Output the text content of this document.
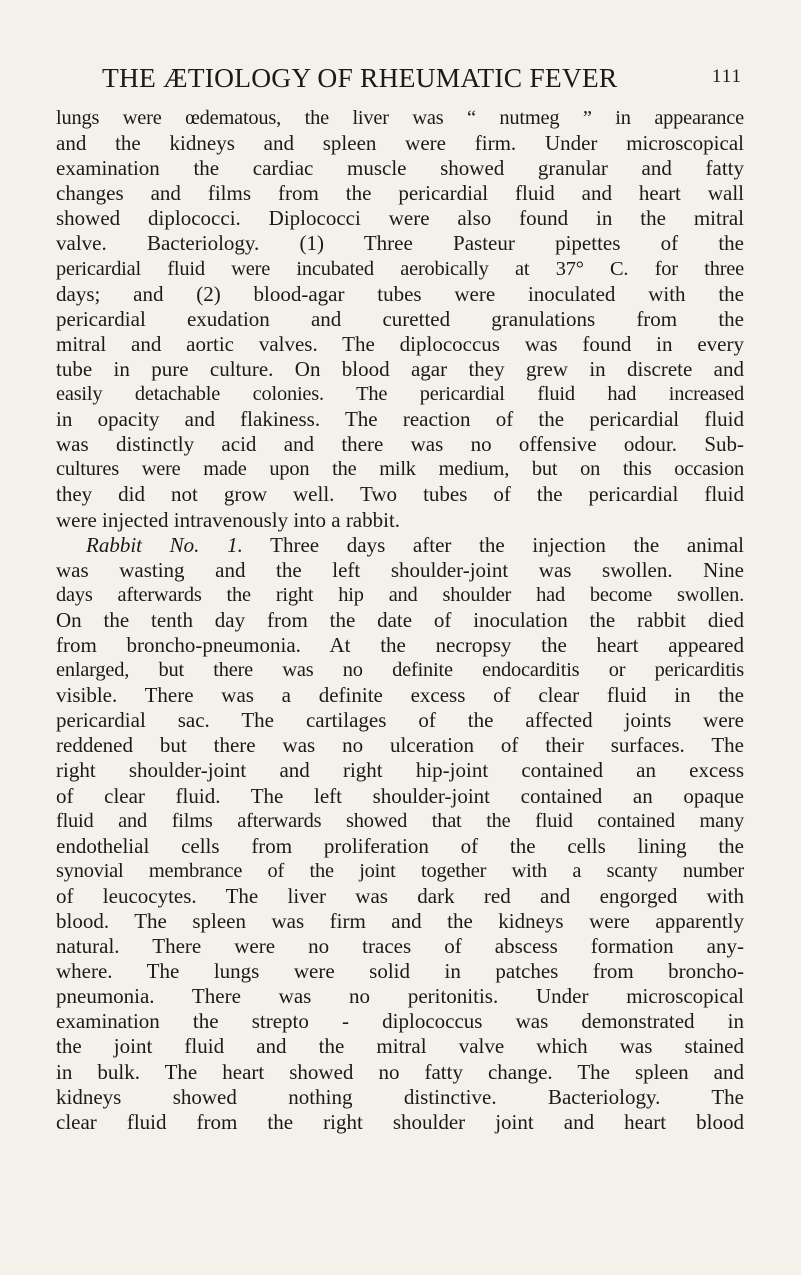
THE ÆTIOLOGY OF RHEUMATIC FEVER	111

lungs were œdematous, the liver was “ nutmeg ” in appearance
and the kidneys and spleen were firm. Under microscopical
examination the cardiac muscle showed granular and fatty
changes and films from the pericardial fluid and heart wall
showed diplococci. Diplococci were also found in the mitral
valve. Bacteriology. (1) Three Pasteur pipettes of the
pericardial fluid were incubated aerobically at 37° C. for three
days; and (2) blood-agar tubes were inoculated with the
pericardial exudation and curetted granulations from the
mitral and aortic valves. The diplococcus was found in every
tube in pure culture. On blood agar they grew in discrete and
easily detachable colonies. The pericardial fluid had increased
in opacity and flakiness. The reaction of the pericardial fluid
was distinctly acid and there was no offensive odour. Sub-
cultures were made upon the milk medium, but on this occasion
they did not grow well. Two tubes of the pericardial fluid
were injected intravenously into a rabbit.

Rabbit No. 1. Three days after the injection the animal
was wasting and the left shoulder-joint was swollen. Nine
days afterwards the right hip and shoulder had become swollen.
On the tenth day from the date of inoculation the rabbit died
from broncho-pneumonia. At the necropsy the heart appeared
enlarged, but there was no definite endocarditis or pericarditis
visible. There was a definite excess of clear fluid in the
pericardial sac. The cartilages of the affected joints were
reddened but there was no ulceration of their surfaces. The
right shoulder-joint and right hip-joint contained an excess
of clear fluid. The left shoulder-joint contained an opaque
fluid and films afterwards showed that the fluid contained many
endothelial cells from proliferation of the cells lining the
synovial membrance of the joint together with a scanty number
of leucocytes. The liver was dark red and engorged with
blood. The spleen was firm and the kidneys were apparently
natural. There were no traces of abscess formation any-
where. The lungs were solid in patches from broncho-
pneumonia. There was no peritonitis. Under microscopical
examination the strepto - diplococcus was demonstrated in
the joint fluid and the mitral valve which was stained
in bulk. The heart showed no fatty change. The spleen and
kidneys showed nothing distinctive. Bacteriology. The
clear fluid from the right shoulder joint and heart blood
